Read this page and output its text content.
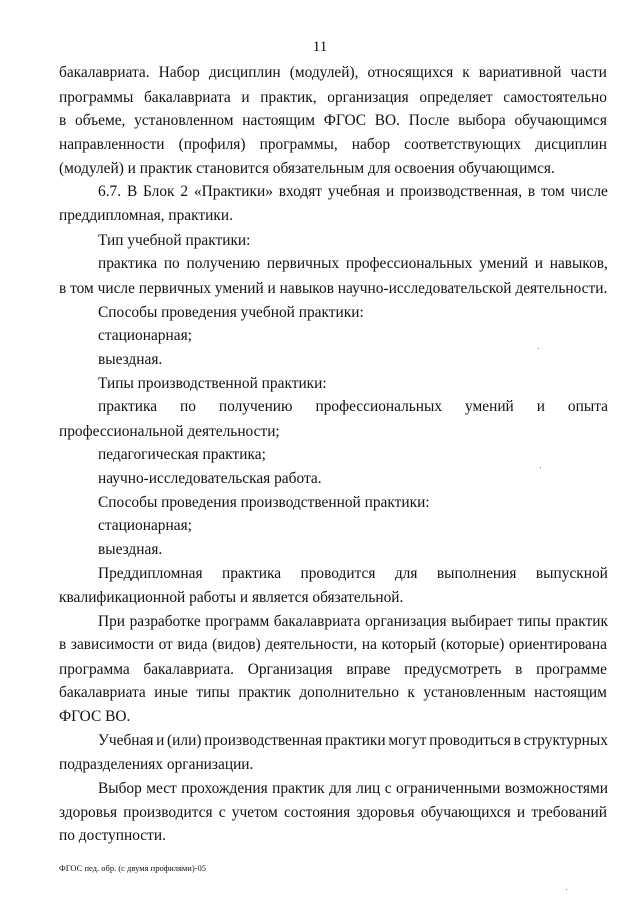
11
бакалавриата. Набор дисциплин (модулей), относящихся к вариативной части
программы бакалавриата и практик, организация определяет самостоятельно
в объеме, установленном настоящим ФГОС ВО. После выбора обучающимся
направленности (профиля) программы, набор соответствующих дисциплин
(модулей) и практик становится обязательным для освоения обучающимся.
6.7. В Блок 2 «Практики» входят учебная и производственная, в том числе
преддипломная, практики.
Тип учебной практики:
практика по получению первичных профессиональных умений и навыков,
в том числе первичных умений и навыков научно-исследовательской деятельности.
Способы проведения учебной практики:
стационарная;
выездная.
Типы производственной практики:
практика по получению профессиональных умений и опыта
профессиональной деятельности;
педагогическая практика;
научно-исследовательская работа.
Способы проведения производственной практики:
стационарная;
выездная.
Преддипломная практика проводится для выполнения выпускной
квалификационной работы и является обязательной.
При разработке программ бакалавриата организация выбирает типы практик
в зависимости от вида (видов) деятельности, на который (которые) ориентирована
программа бакалавриата. Организация вправе предусмотреть в программе
бакалавриата иные типы практик дополнительно к установленным настоящим
ФГОС ВО.
Учебная и (или) производственная практики могут проводиться в структурных
подразделениях организации.
Выбор мест прохождения практик для лиц с ограниченными возможностями
здоровья производится с учетом состояния здоровья обучающихся и требований
по доступности.
ФГОС пед. обр. (с двумя профилями)-05
